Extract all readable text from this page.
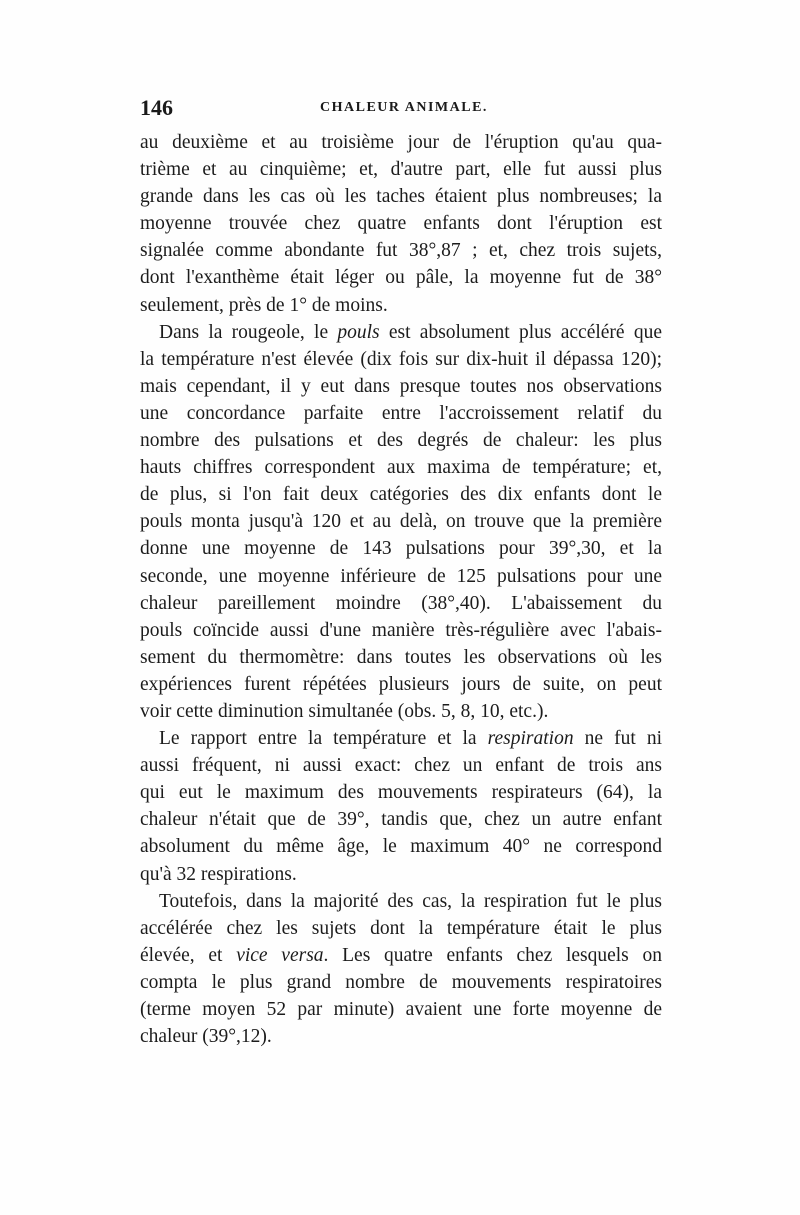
146	CHALEUR ANIMALE.
au deuxième et au troisième jour de l'éruption qu'au qua-
trième et au cinquième; et, d'autre part, elle fut aussi plus
grande dans les cas où les taches étaient plus nombreuses; la
moyenne trouvée chez quatre enfants dont l'éruption est
signalée comme abondante fut 38°,87 ; et, chez trois sujets,
dont l'exanthème était léger ou pâle, la moyenne fut de 38°
seulement, près de 1° de moins.
Dans la rougeole, le pouls est absolument plus accéléré que
la température n'est élevée (dix fois sur dix-huit il dépassa 120);
mais cependant, il y eut dans presque toutes nos observations
une concordance parfaite entre l'accroissement relatif du
nombre des pulsations et des degrés de chaleur: les plus
hauts chiffres correspondent aux maxima de température; et,
de plus, si l'on fait deux catégories des dix enfants dont le
pouls monta jusqu'à 120 et au delà, on trouve que la première
donne une moyenne de 143 pulsations pour 39°,30, et la
seconde, une moyenne inférieure de 125 pulsations pour une
chaleur pareillement moindre (38°,40). L'abaissement du
pouls coïncide aussi d'une manière très-régulière avec l'abais-
sement du thermomètre: dans toutes les observations où les
expériences furent répétées plusieurs jours de suite, on peut
voir cette diminution simultanée (obs. 5, 8, 10, etc.).
Le rapport entre la température et la respiration ne fut ni
aussi fréquent, ni aussi exact: chez un enfant de trois ans
qui eut le maximum des mouvements respirateurs (64), la
chaleur n'était que de 39°, tandis que, chez un autre enfant
absolument du même âge, le maximum 40° ne correspond
qu'à 32 respirations.
Toutefois, dans la majorité des cas, la respiration fut le plus
accélérée chez les sujets dont la température était le plus
élevée, et vice versa. Les quatre enfants chez lesquels on
compta le plus grand nombre de mouvements respiratoires
(terme moyen 52 par minute) avaient une forte moyenne de
chaleur (39°,12).
